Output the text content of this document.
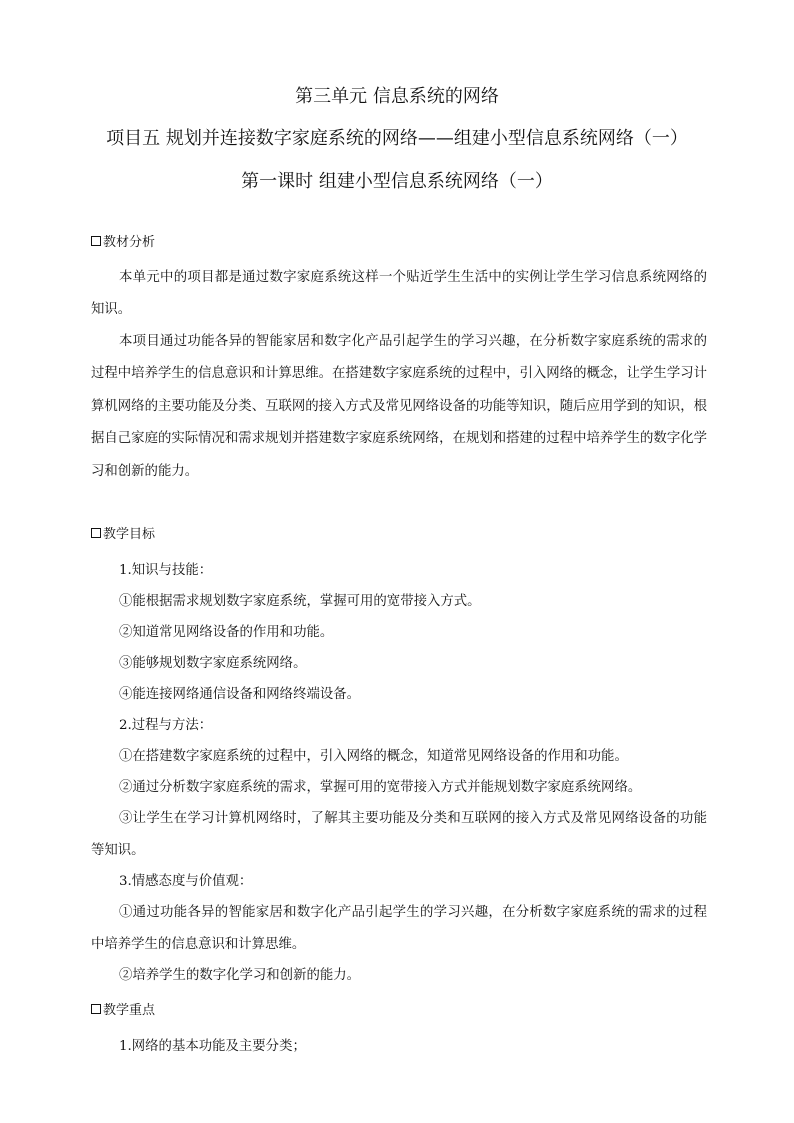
第三单元 信息系统的网络
项目五 规划并连接数字家庭系统的网络——组建小型信息系统网络（一）
第一课时 组建小型信息系统网络（一）
教材分析
本单元中的项目都是通过数字家庭系统这样一个贴近学生生活中的实例让学生学习信息系统网络的知识。
本项目通过功能各异的智能家居和数字化产品引起学生的学习兴趣，在分析数字家庭系统的需求的过程中培养学生的信息意识和计算思维。在搭建数字家庭系统的过程中，引入网络的概念，让学生学习计算机网络的主要功能及分类、互联网的接入方式及常见网络设备的功能等知识，随后应用学到的知识，根据自己家庭的实际情况和需求规划并搭建数字家庭系统网络，在规划和搭建的过程中培养学生的数字化学习和创新的能力。
教学目标
1.知识与技能：
①能根据需求规划数字家庭系统，掌握可用的宽带接入方式。
②知道常见网络设备的作用和功能。
③能够规划数字家庭系统网络。
④能连接网络通信设备和网络终端设备。
2.过程与方法：
①在搭建数字家庭系统的过程中，引入网络的概念，知道常见网络设备的作用和功能。
②通过分析数字家庭系统的需求，掌握可用的宽带接入方式并能规划数字家庭系统网络。
③让学生在学习计算机网络时，了解其主要功能及分类和互联网的接入方式及常见网络设备的功能等知识。
3.情感态度与价值观：
①通过功能各异的智能家居和数字化产品引起学生的学习兴趣，在分析数字家庭系统的需求的过程中培养学生的信息意识和计算思维。
②培养学生的数字化学习和创新的能力。
教学重点
1.网络的基本功能及主要分类；
